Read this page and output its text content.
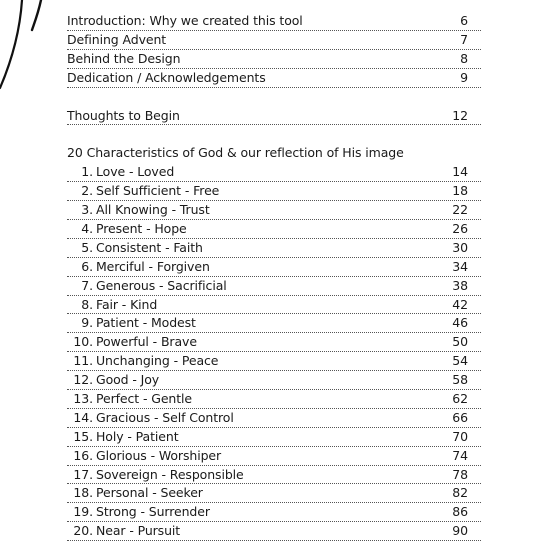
Introduction: Why we created this tool	6
Defining Advent	7
Behind the Design	8
Dedication / Acknowledgements	9
Thoughts to Begin	12
20 Characteristics of God & our reflection of His image
1. Love - Loved	14
2. Self Sufficient - Free	18
3. All Knowing - Trust	22
4. Present - Hope	26
5. Consistent - Faith	30
6. Merciful - Forgiven	34
7. Generous - Sacrificial	38
8. Fair - Kind	42
9. Patient - Modest	46
10. Powerful - Brave	50
11. Unchanging - Peace	54
12. Good - Joy	58
13. Perfect - Gentle	62
14. Gracious - Self Control	66
15. Holy - Patient	70
16. Glorious - Worshiper	74
17. Sovereign - Responsible	78
18. Personal - Seeker	82
19. Strong - Surrender	86
20. Near - Pursuit	90
